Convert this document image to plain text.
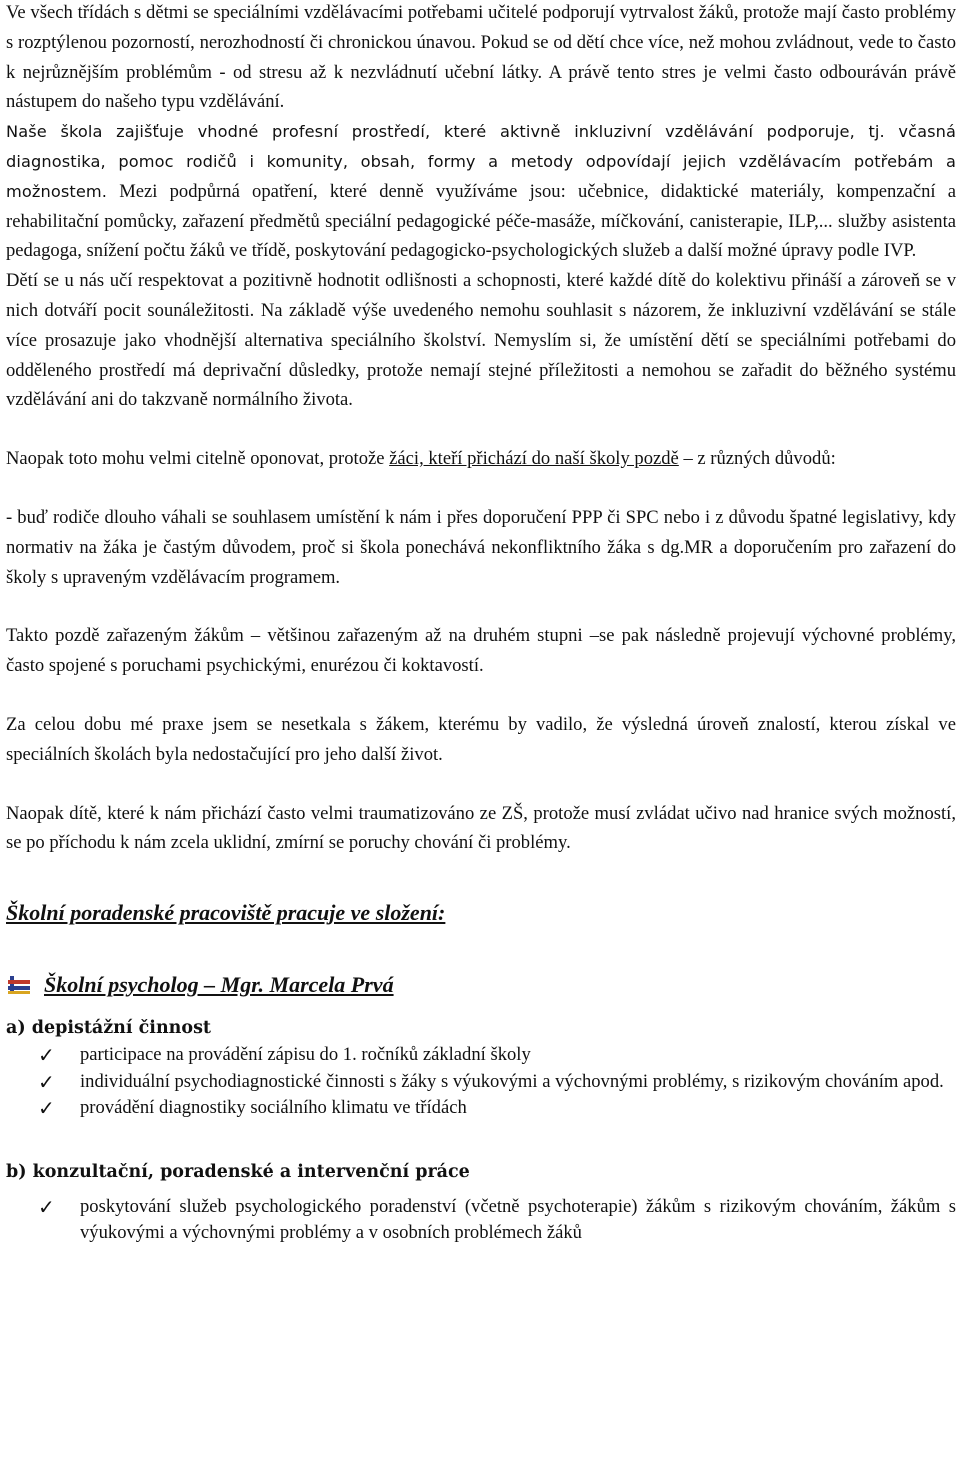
Ve všech třídách s dětmi se speciálními vzdělávacími potřebami učitelé podporují vytrvalost žáků, protože mají často problémy s rozptýlenou pozorností, nerozhodností či chronickou únavou. Pokud se od dětí chce více, než mohou zvládnout, vede to často k nejrůznějším problémům - od stresu až k nezvládnutí učební látky. A právě tento stres je velmi často odbouráván právě nástupem do našeho typu vzdělávání.

Naše škola zajišťuje vhodné profesní prostředí, které aktivně inkluzivní vzdělávání podporuje, tj. včasná diagnostika, pomoc rodičů i komunity, obsah, formy a metody odpovídají jejich vzdělávacím potřebám a možnostem. Mezi podpůrná opatření, které denně využíváme jsou: učebnice, didaktické materiály, kompenzační a rehabilitační pomůcky, zařazení předmětů speciální pedagogické péče-masáže, míčkování, canisterapie, ILP,... služby asistenta pedagoga, snížení počtu žáků ve třídě, poskytování pedagogicko-psychologických služeb a další možné úpravy podle IVP.

Dětí se u nás učí respektovat a pozitivně hodnotit odlišnosti a schopnosti, které každé dítě do kolektivu přináší a zároveň se v nich dotváří pocit sounáležitosti. Na základě výše uvedeného nemohu souhlasit s názorem, že inkluzivní vzdělávání se stále více prosazuje jako vhodnější alternativa speciálního školství. Nemyslím si, že umístění dětí se speciálními potřebami do odděleného prostředí má deprivační důsledky, protože nemají stejné příležitosti a nemohou se zařadit do běžného systému vzdělávání ani do takzvaně normálního života.

Naopak toto mohu velmi citelně oponovat, protože žáci, kteří přichází do naší školy pozdě – z různých důvodů:

- buď rodiče dlouho váhali se souhlasem umístění k nám i přes doporučení PPP či SPC nebo i z důvodu špatné legislativy, kdy normativ na žáka je častým důvodem, proč si škola ponechává nekonfliktního žáka s dg.MR a doporučením pro zařazení do školy s upraveným vzdělávacím programem.

Takto pozdě zařazeným žákům – většinou zařazeným až na druhém stupni –se pak následně projevují výchovné problémy, často spojené s poruchami psychickými, enurézou či koktavostí.

Za celou dobu mé praxe jsem se nesetkala s žákem, kterému by vadilo, že výsledná úroveň znalostí, kterou získal ve speciálních školách byla nedostačující pro jeho další život.

Naopak dítě, které k nám přichází často velmi traumatizováno ze ZŠ, protože musí zvládat učivo nad hranice svých možností, se po příchodu k nám zcela uklidní, zmírní se poruchy chování či problémy.

Školní poradenské pracoviště pracuje ve složení:

Školní psycholog – Mgr. Marcela Prvá

a) depistážní činnost

✓ participace na provádění zápisu do 1. ročníků základní školy
✓ individuální psychodiagnostické činnosti s žáky s výukovými a výchovnými problémy, s rizikovým chováním apod.
✓ provádění diagnostiky sociálního klimatu ve třídách

b) konzultační, poradenské a intervenční práce

✓ poskytování služeb psychologického poradenství (včetně psychoterapie) žákům s rizikovým chováním, žákům s výukovými a výchovnými problémy a v osobních problémech žáků
